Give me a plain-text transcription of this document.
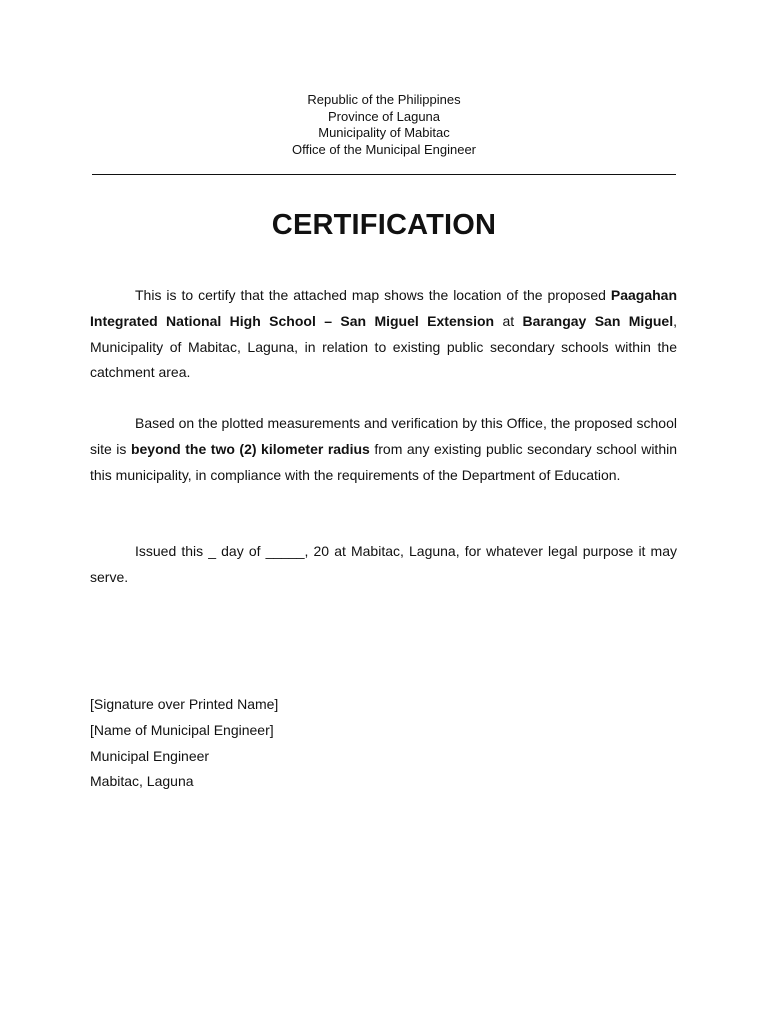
Republic of the Philippines
Province of Laguna
Municipality of Mabitac
Office of the Municipal Engineer
CERTIFICATION

This is to certify that the attached map shows the location of the proposed Paagahan Integrated National High School – San Miguel Extension at Barangay San Miguel, Municipality of Mabitac, Laguna, in relation to existing public secondary schools within the catchment area.

Based on the plotted measurements and verification by this Office, the proposed school site is beyond the two (2) kilometer radius from any existing public secondary school within this municipality, in compliance with the requirements of the Department of Education.

Issued this _ day of _____, 20 at Mabitac, Laguna, for whatever legal purpose it may serve.

[Signature over Printed Name]
[Name of Municipal Engineer]
Municipal Engineer
Mabitac, Laguna
